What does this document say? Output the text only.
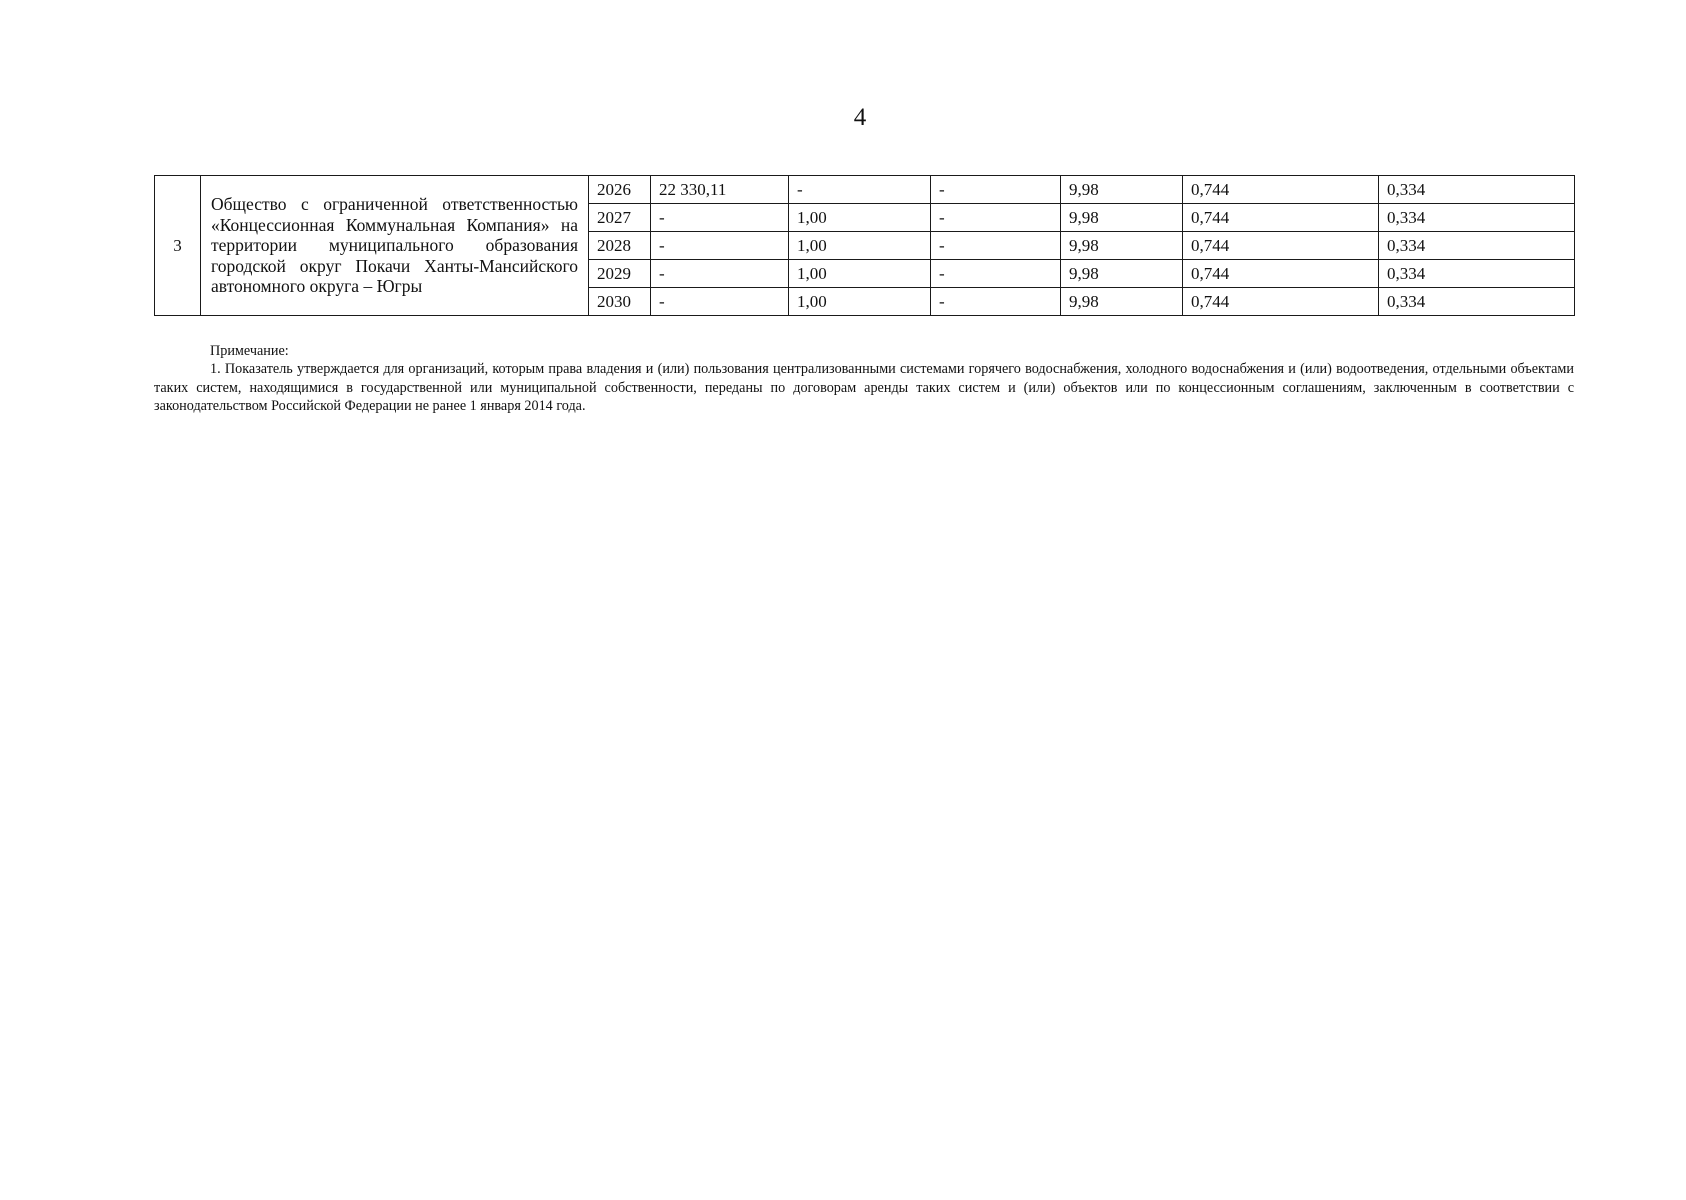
4
3	Общество с ограниченной ответственностью «Концессионная Коммунальная Компания» на территории муниципального образования городской округ Покачи Ханты-Мансийского автономного округа – Югры	2026	22 330,11	-	-	9,98	0,744	0,334
		2027	-	1,00	-	9,98	0,744	0,334
		2028	-	1,00	-	9,98	0,744	0,334
		2029	-	1,00	-	9,98	0,744	0,334
		2030	-	1,00	-	9,98	0,744	0,334
Примечание:
1. Показатель утверждается для организаций, которым права владения и (или) пользования централизованными системами горячего водоснабжения, холодного водоснабжения и (или) водоотведения, отдельными объектами таких систем, находящимися в государственной или муниципальной собственности, переданы по договорам аренды таких систем и (или) объектов или по концессионным соглашениям, заключенным в соответствии с законодательством Российской Федерации не ранее 1 января 2014 года.
